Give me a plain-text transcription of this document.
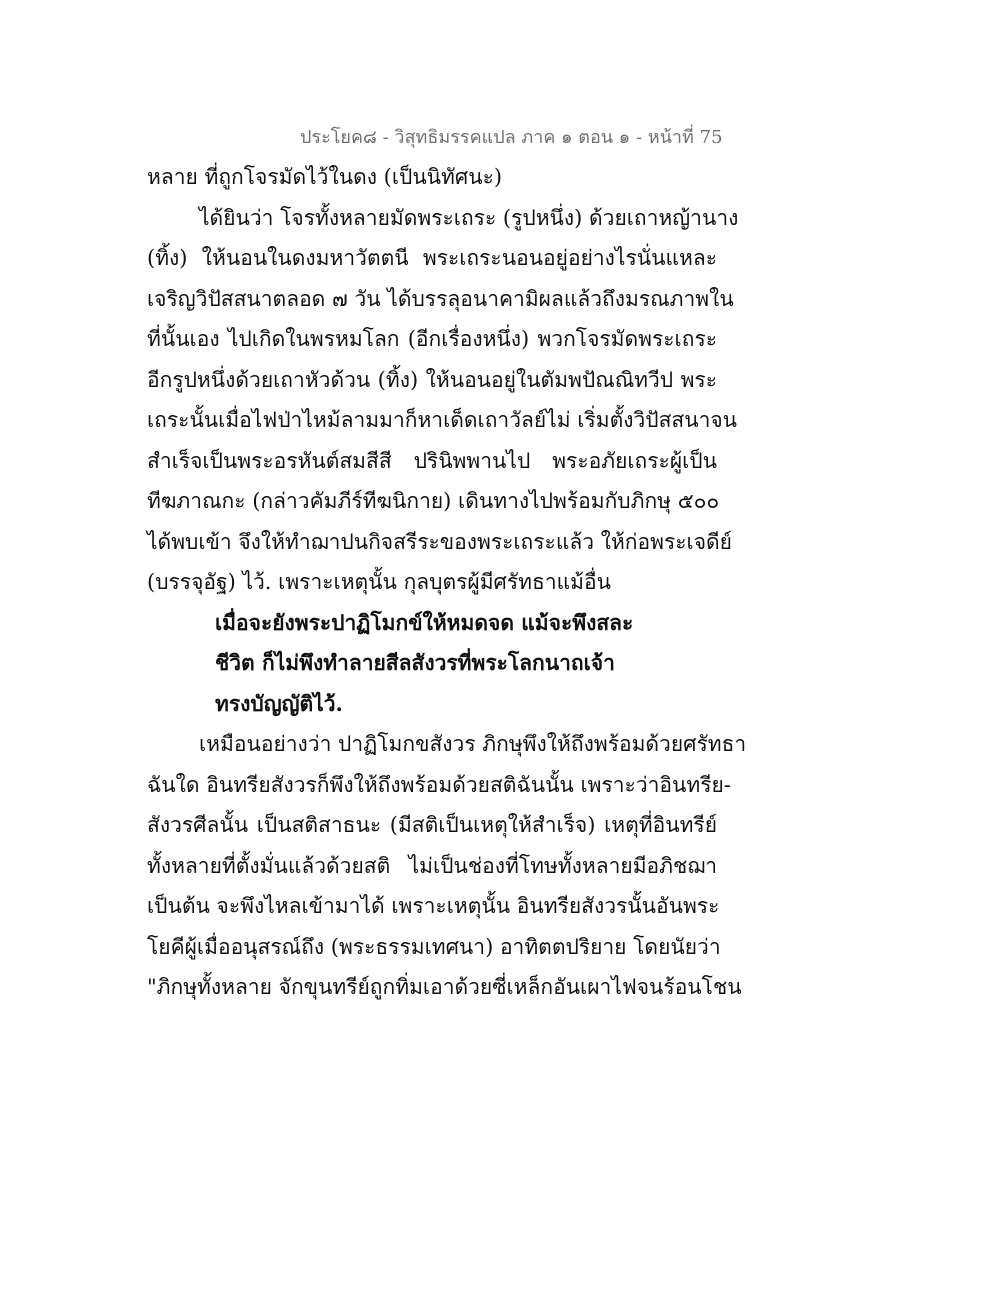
ประโยค๘ - วิสุทธิมรรคแปล ภาค ๑ ตอน ๑ - หน้าที่ 75
หลาย ที่ถูกโจรมัดไว้ในดง (เป็นนิทัศนะ)
ได้ยินว่า โจรทั้งหลายมัดพระเถระ (รูปหนึ่ง) ด้วยเถาหญ้านาง
(ทิ้ง) ให้นอนในดงมหาวัตตนี พระเถระนอนอยู่อย่างไรนั่นแหละ
เจริญวิปัสสนาตลอด ๗ วัน ได้บรรลุอนาคามิผลแล้วถึงมรณภาพใน
ที่นั้นเอง ไปเกิดในพรหมโลก (อีกเรื่องหนึ่ง) พวกโจรมัดพระเถระ
อีกรูปหนึ่งด้วยเถาหัวด้วน (ทิ้ง) ให้นอนอยู่ในตัมพปัณณิทวีป พระ
เถระนั้นเมื่อไฟป่าไหม้ลามมาก็หาเด็ดเถาวัลย์ไม่ เริ่มตั้งวิปัสสนาจน
สำเร็จเป็นพระอรหันต์สมสีสี ปรินิพพานไป พระอภัยเถระผู้เป็น
ทีฆภาณกะ (กล่าวคัมภีร์ทีฆนิกาย) เดินทางไปพร้อมกับภิกษุ ๕๐๐
ได้พบเข้า จึงให้ทำฌาปนกิจสรีระของพระเถระแล้ว ให้ก่อพระเจดีย์
(บรรจุอัฐ) ไว้. เพราะเหตุนั้น กุลบุตรผู้มีศรัทธาแม้อื่น
เมื่อจะยังพระปาฏิโมกข์ให้หมดจด แม้จะพึงสละ
ชีวิต ก็ไม่พึงทำลายสีลสังวรที่พระโลกนาถเจ้า
ทรงบัญญัติไว้.
เหมือนอย่างว่า ปาฏิโมกขสังวร ภิกษุพึงให้ถึงพร้อมด้วยศรัทธา
ฉันใด อินทรียสังวรก็พึงให้ถึงพร้อมด้วยสติฉันนั้น เพราะว่าอินทรีย-
สังวรศีลนั้น เป็นสติสาธนะ (มีสติเป็นเหตุให้สำเร็จ) เหตุที่อินทรีย์
ทั้งหลายที่ตั้งมั่นแล้วด้วยสติ ไม่เป็นช่องที่โทษทั้งหลายมีอภิชฌา
เป็นต้น จะพึงไหลเข้ามาได้ เพราะเหตุนั้น อินทรียสังวรนั้นอันพระ
โยคีผู้เมื่ออนุสรณ์ถึง (พระธรรมเทศนา) อาทิตตปริยาย โดยนัยว่า
"ภิกษุทั้งหลาย จักขุนทรีย์ถูกทิ่มเอาด้วยซี่เหล็กอันเผาไฟจนร้อนโชน
